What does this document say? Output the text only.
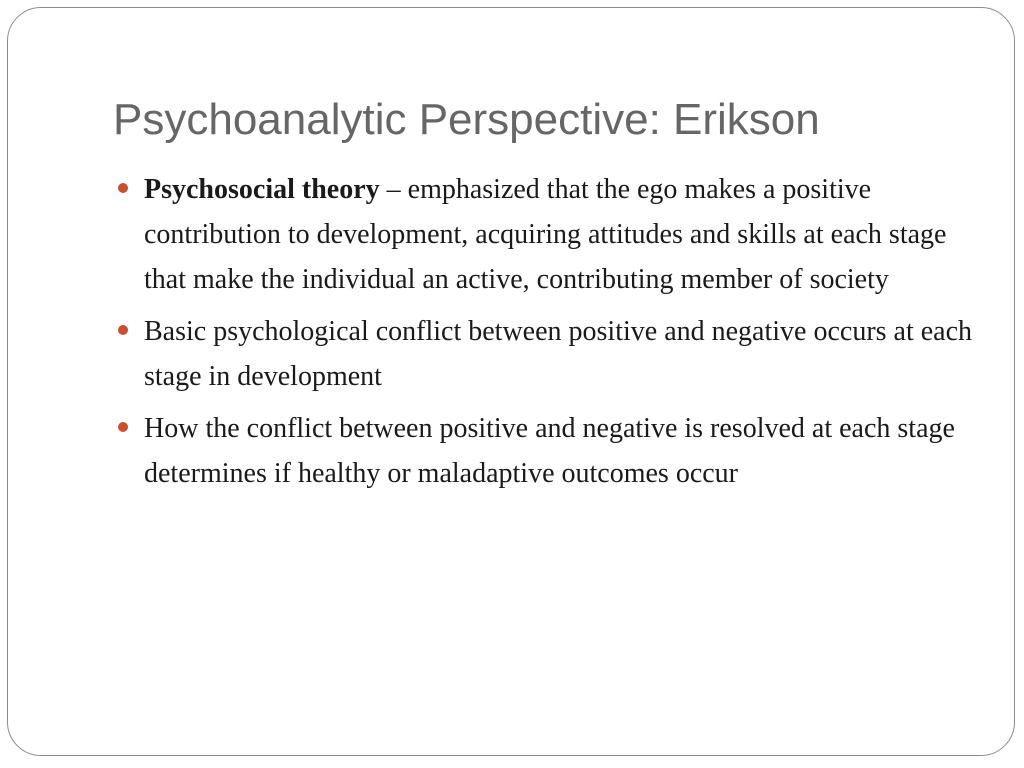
Psychoanalytic Perspective: Erikson
Psychosocial theory – emphasized that the ego makes a positive contribution to development, acquiring attitudes and skills at each stage that make the individual an active, contributing member of society
Basic psychological conflict between positive and negative occurs at each stage in development
How the conflict between positive and negative is resolved at each stage determines if healthy or maladaptive outcomes occur
